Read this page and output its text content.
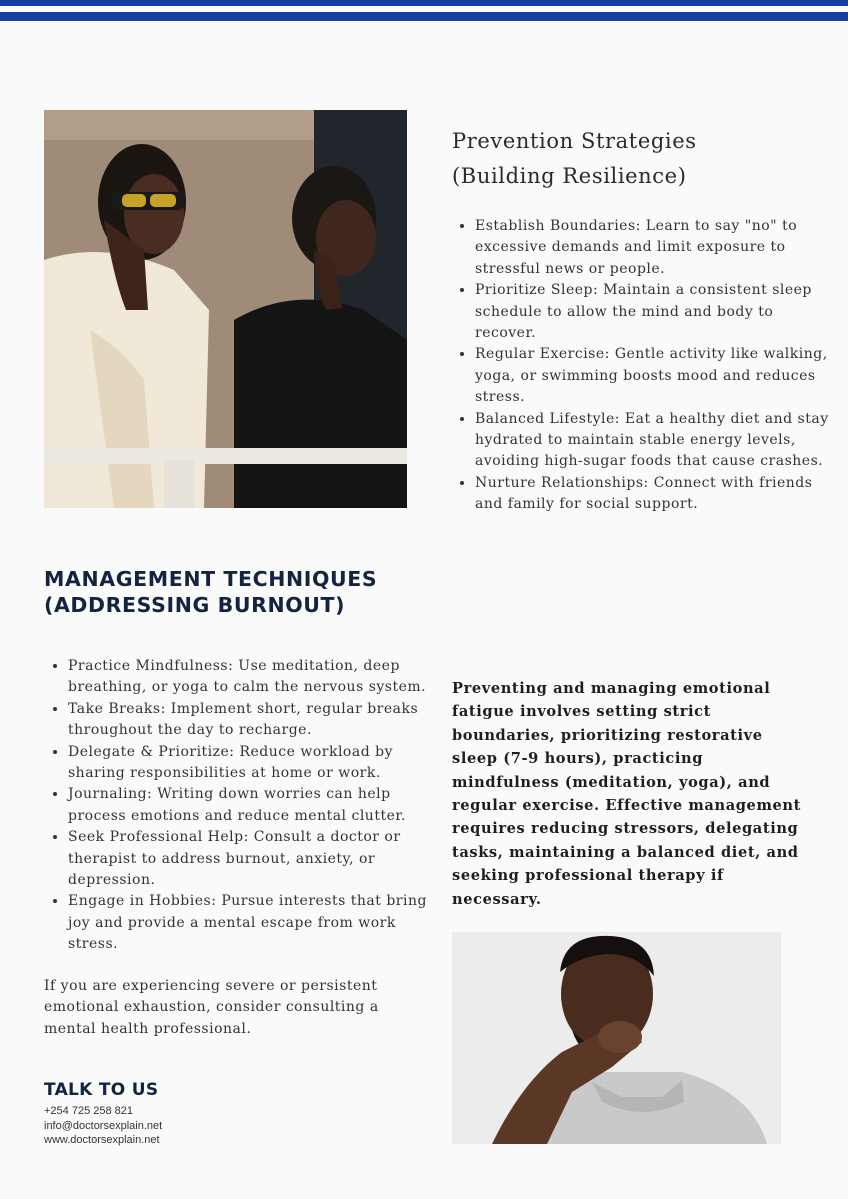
Prevention Strategies
(Building Resilience)
• Establish Boundaries: Learn to say "no" to excessive demands and limit exposure to stressful news or people.
• Prioritize Sleep: Maintain a consistent sleep schedule to allow the mind and body to recover.
• Regular Exercise: Gentle activity like walking, yoga, or swimming boosts mood and reduces stress.
• Balanced Lifestyle: Eat a healthy diet and stay hydrated to maintain stable energy levels, avoiding high-sugar foods that cause crashes.
• Nurture Relationships: Connect with friends and family for social support.
MANAGEMENT TECHNIQUES
(ADDRESSING BURNOUT)
• Practice Mindfulness: Use meditation, deep breathing, or yoga to calm the nervous system.
• Take Breaks: Implement short, regular breaks throughout the day to recharge.
• Delegate & Prioritize: Reduce workload by sharing responsibilities at home or work.
• Journaling: Writing down worries can help process emotions and reduce mental clutter.
• Seek Professional Help: Consult a doctor or therapist to address burnout, anxiety, or depression.
• Engage in Hobbies: Pursue interests that bring joy and provide a mental escape from work stress.

Preventing and managing emotional fatigue involves setting strict boundaries, prioritizing restorative sleep (7-9 hours), practicing mindfulness (meditation, yoga), and regular exercise. Effective management requires reducing stressors, delegating tasks, maintaining a balanced diet, and seeking professional therapy if necessary.

If you are experiencing severe or persistent emotional exhaustion, consider consulting a mental health professional.

TALK TO US

+254 725 258 821

info@doctorsexplain.net

www.doctorsexplain.net
